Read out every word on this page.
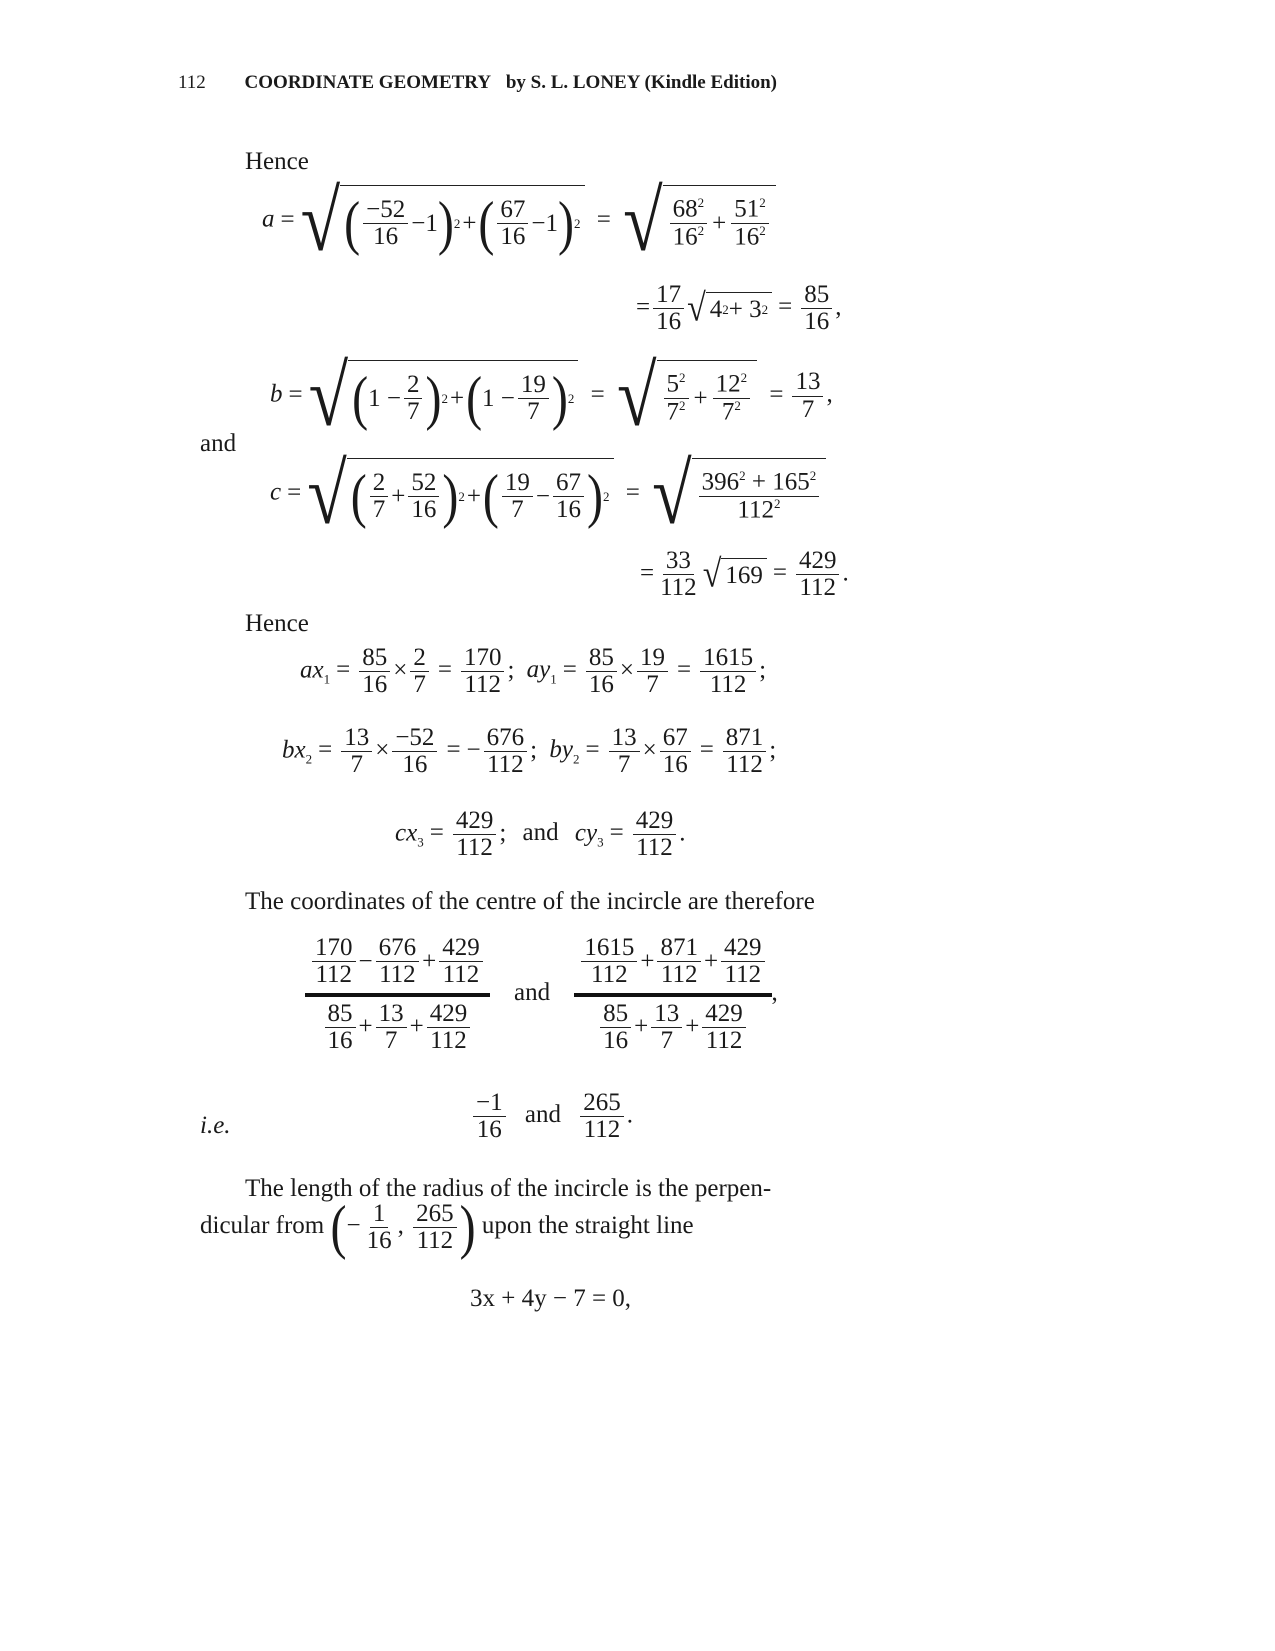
112 COORDINATE GEOMETRY by S. L. LONEY (Kindle Edition)
Hence
a = √ ( $\frac{-52}{16} -1$ ) 2 + ( $\frac{67}{16} -1$ ) 2 = √ $\frac{68^2}{16^2} + \frac{51^2}{16^2}$
= $\frac{17}{16}$ √ 4 2 + 3 $2 = \frac{85}{16}$ ,
b = √ ( $1 - \frac{2}{7}$ ) 2 + ( $1 - \frac{19}{7}$ ) 2 = √ $\frac{5^2}{7^2} + \frac{12^2}{7^2} = \frac{13}{7}$ ,
and
c = √ ( $\frac{2}{7} + \frac{52}{16}$ ) 2 + ( $\frac{19}{7} - \frac{67}{16}$ ) 2 = √ $\frac{396^2 + 165^2}{112^2}$
= $\frac{33}{112}$ √ $169 = \frac{429}{112}$ .
Hence
$ax_1 = \frac{85}{16} \times \frac{2}{7} = \frac{170}{112}$ ; $ay_1 = \frac{85}{16} \times \frac{19}{7} = \frac{1615}{112}$ ;
$bx_2 = \frac{13}{7} \times \frac{-52}{16}$ = − $\frac{676}{112}$ ; $by_2 = \frac{13}{7} \times \frac{67}{16} = \frac{871}{112}$ ;
$cx_3 = \frac{429}{112}$ ; and $cy_3 = \frac{429}{112}$ .
The coordinates of the centre of the incircle are therefore
$\frac{\frac{170}{112} - \frac{676}{112} + \frac{429}{112}}{\frac{85}{16} + \frac{13}{7} + \frac{429}{112}}$ and $\frac{\frac{1615}{112} + \frac{871}{112} + \frac{429}{112}}{\frac{85}{16} + \frac{13}{7} + \frac{429}{112}}$ ,
i.e.	$\frac{-1}{16}$ and $\frac{265}{112}$ .
The length of the radius of the incircle is the perpen-
dicular from (− $\frac{1}{16}$ , $\frac{265}{112}$ ) upon the straight line
3x + 4y − 7 = 0,
